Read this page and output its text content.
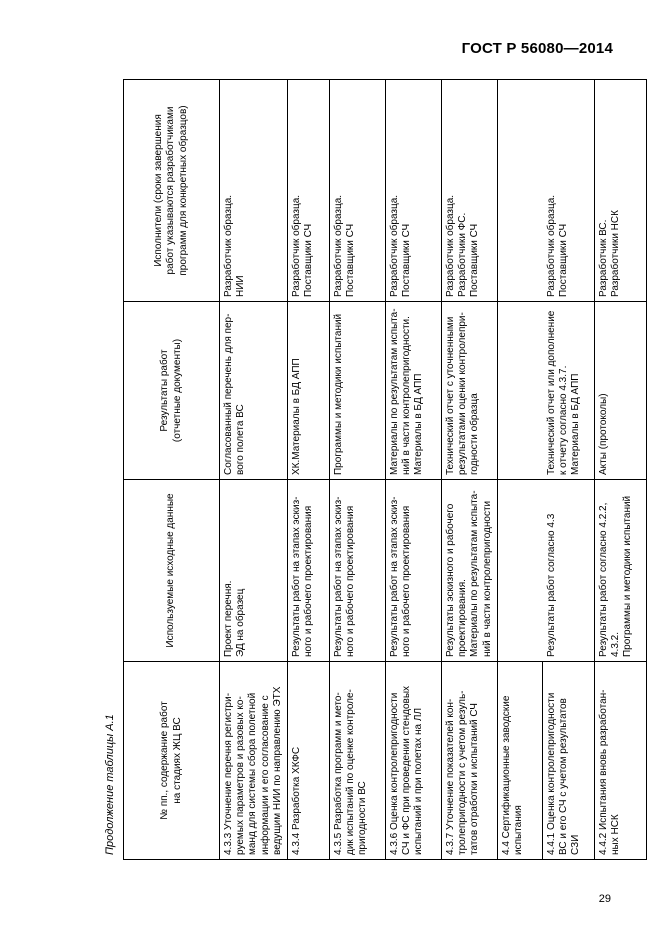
ГОСТ Р 56080—2014
Продолжение таблицы А.1	№ пп., содержание работ на стадиях ЖЦ ВС	Используемые исходные данные	Результаты работ (отчетные документы)	Исполнители (сроки завершения работ указываются разработчиками программ для конкретных образцов)

4.3.3 Уточнение перечня регистри- руемых параметров и разовых ко- манд для системы сбора полетной информации и его согласование с ведущим НИИ по направлению ЭТХ	Проект перечня. ЭД на образец	Согласованный перечень для пер- вого полета ВС	Разработчик образца. НИИ

4.3.4 Разработка ХКФС	Результаты работ на этапах эскиз- ного и рабочего проектирования	ХК.Материалы в БД АПП	Разработчик образца. Поставщики СЧ

4.3.5 Разработка программ и мето- дик испытаний по оценке контроле- пригодности ВС	Результаты работ на этапах эскиз- ного и рабочего проектирования	Программы и методики испытаний	Разработчик образца. Поставщики СЧ

4.3.6 Оценка контролепригодности СЧ и ФС при проведении стендовых испытаний и при полетах на ЛЛ	Результаты работ на этапах эскиз- ного и рабочего проектирования	Материалы по результатам испыта- ний в части контролепригодности. Материалы в БД АПП	Разработчик образца. Поставщики СЧ

4.3.7 Уточнение показателей кон- тролепригодности с учетом резуль- татов отработки и испытаний СЧ	Результаты эскизного и рабочего проектирования. Материалы по результатам испыта- ний в части контролепригодности	Технический отчет с уточненными результатами оценки контролепри- годности образца	Разработчик образца. Разработчики ФС. Поставщики СЧ

4.4 Сертификационные заводские испытания			

4.4.1 Оценка контролепригодности ВС и его СЧ с учетом результатов СЗИ	Результаты работ согласно 4.3	Технический отчет или дополнение к отчету согласно 4.3.7. Материалы в БД АПП	Разработчик образца. Поставщики СЧ

4.4.2 Испытания вновь разработан- ных НСК	Результаты работ согласно 4.2.2, 4.3.2. Программы и методики испытаний	Акты (протоколы)	Разработчик ВС. Разработчики НСК
29
